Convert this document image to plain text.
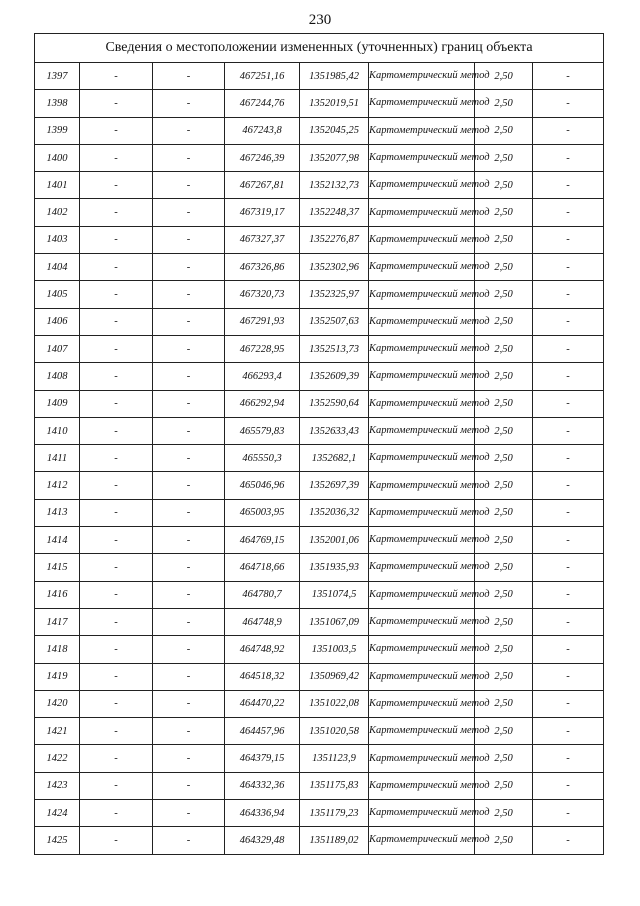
230
Сведения о местоположении измененных (уточненных) границ объекта							
1397	-	-	467251,16	1351985,42	Картометрический метод	2,50	-
1398	-	-	467244,76	1352019,51	Картометрический метод	2,50	-
1399	-	-	467243,8	1352045,25	Картометрический метод	2,50	-
1400	-	-	467246,39	1352077,98	Картометрический метод	2,50	-
1401	-	-	467267,81	1352132,73	Картометрический метод	2,50	-
1402	-	-	467319,17	1352248,37	Картометрический метод	2,50	-
1403	-	-	467327,37	1352276,87	Картометрический метод	2,50	-
1404	-	-	467326,86	1352302,96	Картометрический метод	2,50	-
1405	-	-	467320,73	1352325,97	Картометрический метод	2,50	-
1406	-	-	467291,93	1352507,63	Картометрический метод	2,50	-
1407	-	-	467228,95	1352513,73	Картометрический метод	2,50	-
1408	-	-	466293,4	1352609,39	Картометрический метод	2,50	-
1409	-	-	466292,94	1352590,64	Картометрический метод	2,50	-
1410	-	-	465579,83	1352633,43	Картометрический метод	2,50	-
1411	-	-	465550,3	1352682,1	Картометрический метод	2,50	-
1412	-	-	465046,96	1352697,39	Картометрический метод	2,50	-
1413	-	-	465003,95	1352036,32	Картометрический метод	2,50	-
1414	-	-	464769,15	1352001,06	Картометрический метод	2,50	-
1415	-	-	464718,66	1351935,93	Картометрический метод	2,50	-
1416	-	-	464780,7	1351074,5	Картометрический метод	2,50	-
1417	-	-	464748,9	1351067,09	Картометрический метод	2,50	-
1418	-	-	464748,92	1351003,5	Картометрический метод	2,50	-
1419	-	-	464518,32	1350969,42	Картометрический метод	2,50	-
1420	-	-	464470,22	1351022,08	Картометрический метод	2,50	-
1421	-	-	464457,96	1351020,58	Картометрический метод	2,50	-
1422	-	-	464379,15	1351123,9	Картометрический метод	2,50	-
1423	-	-	464332,36	1351175,83	Картометрический метод	2,50	-
1424	-	-	464336,94	1351179,23	Картометрический метод	2,50	-
1425	-	-	464329,48	1351189,02	Картометрический метод	2,50	-
